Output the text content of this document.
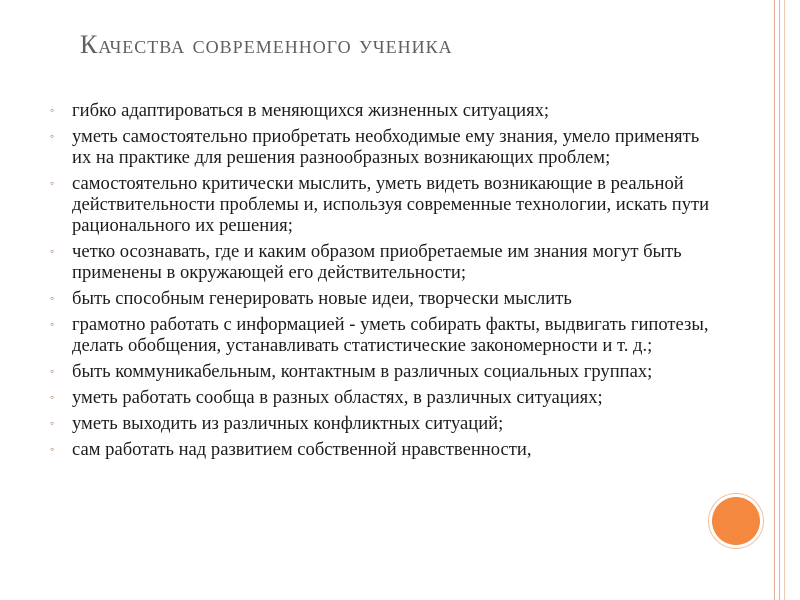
Качества современного ученика
◦ гибко адаптироваться в меняющихся жизненных ситуациях;
◦ уметь самостоятельно приобретать необходимые ему знания, умело применять их на практике для решения разнообразных возникающих проблем;
◦ самостоятельно критически мыслить, уметь видеть возникающие в реальной действительности проблемы и, используя современные технологии, искать пути рационального их решения;
◦ четко осознавать, где и каким образом приобретаемые им знания могут быть применены в окружающей его действительности;
◦ быть способным генерировать новые идеи, творчески мыслить
◦ грамотно работать с информацией - уметь собирать факты, выдвигать гипотезы, делать обобщения, устанавливать статистические закономерности и т. д.;
◦ быть коммуникабельным, контактным в различных социальных группах;
◦ уметь работать сообща в разных областях, в различных ситуациях;
◦ уметь выходить из различных конфликтных ситуаций;
◦ сам работать над развитием собственной нравственности,
